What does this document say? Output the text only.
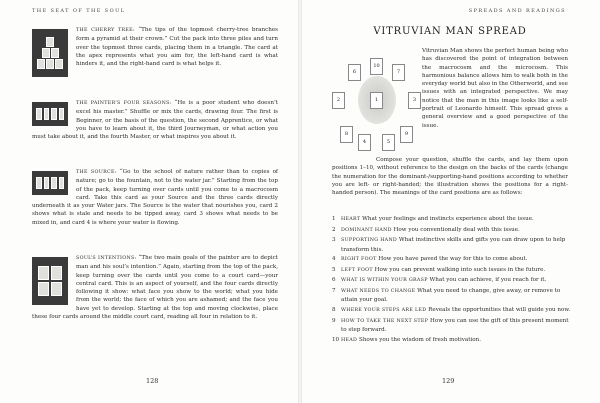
THE SEAT OF THE SOUL

THE CHERRY TREE: “The tips of the topmost cherry-tree branches form a pyramid at their crown.” Cut the pack into three piles and turn over the topmost three cards, placing them in a triangle. The card at the apex represents what you aim for, the left-hand card is what hinders it, and the right-hand card is what helps it.

THE PAINTER’S FOUR SEASONS: “He is a poor student who doesn’t excel his master.” Shuffle or mix the cards, drawing four. The first is Beginner, or the basis of the question, the second Apprentice, or what you have to learn about it, the third Journeyman, or what action you must take about it, and the fourth Master, or what inspires you about it.

THE SOURCE: “Go to the school of nature rather than to copies of nature; go to the fountain, not to the water jar.” Starting from the top of the pack, keep turning over cards until you come to a macrocosm card. Take this card as your Source and the three cards directly underneath it as your Water jars. The Source is the water that nourishes you, card 2 shows what is stale and needs to be tipped away, card 3 shows what needs to be mixed in, and card 4 is where your water is flowing.

SOUL’S INTENTIONS: “The two main goals of the painter are to depict man and his soul’s intention.” Again, starting from the top of the pack, keep turning over the cards until you come to a court card—your central card. This is an aspect of yourself, and the four cards directly following it show: what face you show to the world; what you hide from the world; the face of which you are ashamed; and the face you have yet to develop. Starting at the top and moving clockwise, place these four cards around the middle court card, reading all four in relation to it.

128
SPREADS AND READINGS
VITRUVIAN MAN SPREAD

Vitruvian Man shows the perfect human being who has discovered the point of integration between the macrocosm and the microcosm. This harmonious balance allows him to walk both in the everyday world but also in the Otherworld, and see issues with an integrated perspective. We may notice that the man in this image looks like a self-portrait of Leonardo himself. This spread gives a general overview and a good perspective of the issue.

Compose your question, shuffle the cards, and lay them upon positions 1–10, without reference to the design on the backs of the cards (change the numeration for the dominant-/supporting-hand positions according to whether you are left- or right-handed; the illustration shows the positions for a right-handed person). The meanings of the card positions are as follows:

1 HEART What your feelings and instincts experience about the issue.
2 DOMINANT HAND How you conventionally deal with this issue.
3 SUPPORTING HAND What instinctive skills and gifts you can draw upon to help transform this.
4 RIGHT FOOT How you have paved the way for this to come about.
5 LEFT FOOT How you can prevent walking into such issues in the future.
6 WHAT IS WITHIN YOUR GRASP What you can achieve, if you reach for it.
7 WHAT NEEDS TO CHANGE What you need to change, give away, or remove to attain your goal.
8 WHERE YOUR STEPS ARE LED Reveals the opportunities that will guide you now.
9 HOW TO TAKE THE NEXT STEP How you can use the gift of this present moment to step forward.
10 HEAD Shows you the wisdom of fresh motivation.
129
10
6	7
2	1	3
8
4	5
9
